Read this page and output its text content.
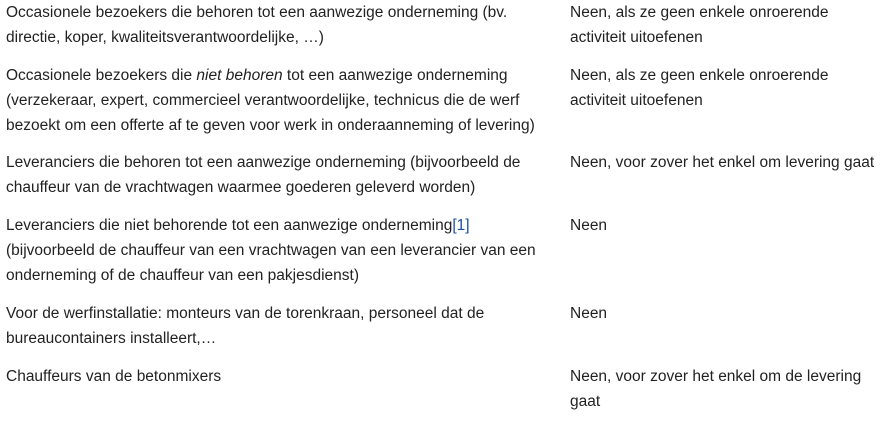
Occasionele bezoekers die behoren tot een aanwezige onderneming (bv.
directie, koper, kwaliteitsverantwoordelijke, …)
Neen, als ze geen enkele onroerende
activiteit uitoefenen
Occasionele bezoekers die niet behoren tot een aanwezige onderneming
(verzekeraar, expert, commercieel verantwoordelijke, technicus die de werf
bezoekt om een offerte af te geven voor werk in onderaanneming of levering)
Neen, als ze geen enkele onroerende
activiteit uitoefenen
Leveranciers die behoren tot een aanwezige onderneming (bijvoorbeeld de
chauffeur van de vrachtwagen waarmee goederen geleverd worden)
Neen, voor zover het enkel om levering gaat
Leveranciers die niet behorende tot een aanwezige onderneming[1]
(bijvoorbeeld de chauffeur van een vrachtwagen van een leverancier van een
onderneming of de chauffeur van een pakjesdienst)
Neen
Voor de werfinstallatie: monteurs van de torenkraan, personeel dat de
bureaucontainers installeert,…
Neen
Chauffeurs van de betonmixers	Neen, voor zover het enkel om de levering
gaat
